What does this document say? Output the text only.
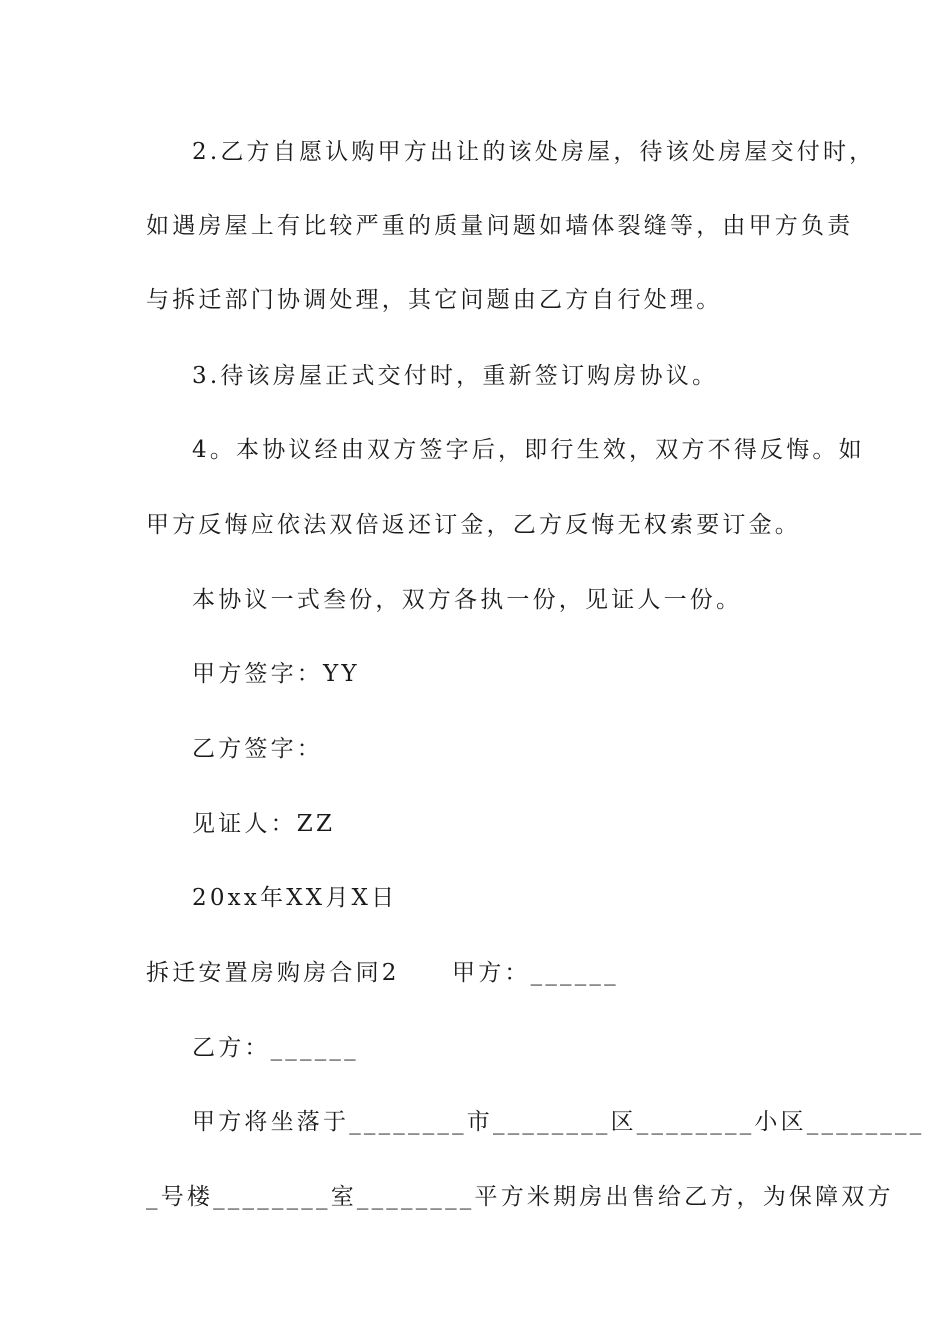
2.乙方自愿认购甲方出让的该处房屋，待该处房屋交付时，
如遇房屋上有比较严重的质量问题如墙体裂缝等，由甲方负责
与拆迁部门协调处理，其它问题由乙方自行处理。
3.待该房屋正式交付时，重新签订购房协议。
4。本协议经由双方签字后，即行生效，双方不得反悔。如
甲方反悔应依法双倍返还订金，乙方反悔无权索要订金。
本协议一式叁份，双方各执一份，见证人一份。
甲方签字：YY
乙方签字：
见证人：ZZ
20xx年XX月X日
拆迁安置房购房合同2　　甲方：______
乙方：______
甲方将坐落于________市________区________小区________
_号楼________室________平方米期房出售给乙方，为保障双方
